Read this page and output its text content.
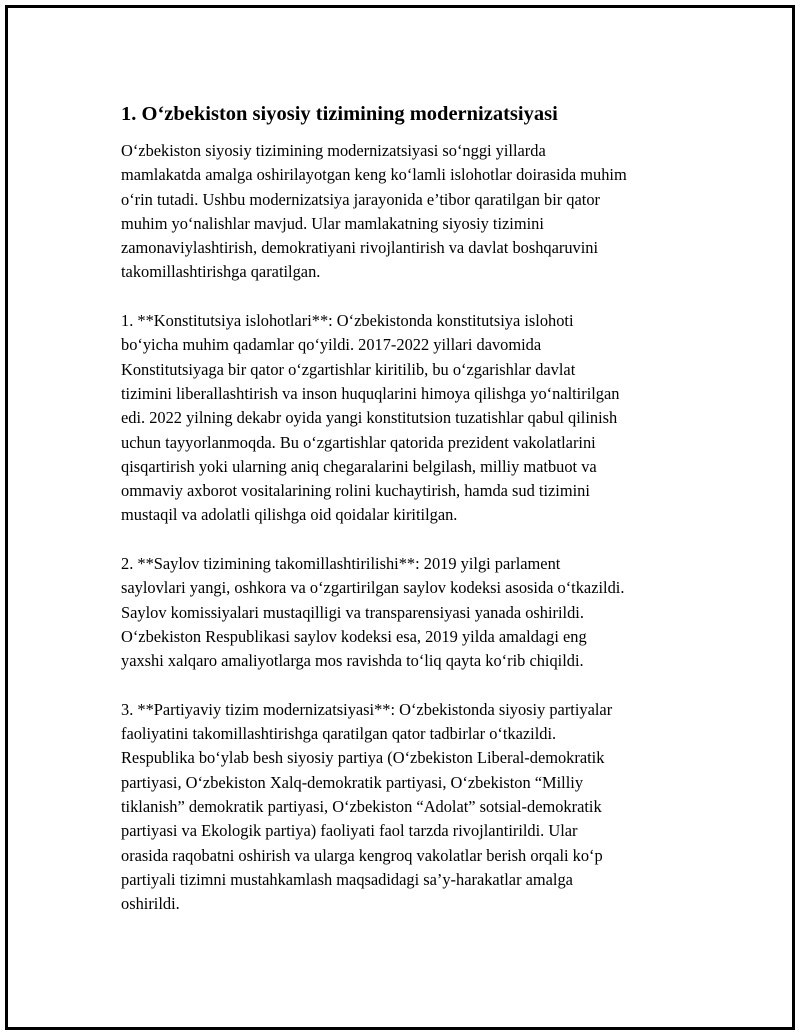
1. O‘zbekiston siyosiy tizimining modernizatsiyasi

O‘zbekiston siyosiy tizimining modernizatsiyasi so‘nggi yillarda
mamlakatda amalga oshirilayotgan keng ko‘lamli islohotlar doirasida muhim
o‘rin tutadi. Ushbu modernizatsiya jarayonida e’tibor qaratilgan bir qator
muhim yo‘nalishlar mavjud. Ular mamlakatning siyosiy tizimini
zamonaviylashtirish, demokratiyani rivojlantirish va davlat boshqaruvini
takomillashtirishga qaratilgan.

1. **Konstitutsiya islohotlari**: O‘zbekistonda konstitutsiya islohoti
bo‘yicha muhim qadamlar qo‘yildi. 2017-2022 yillari davomida
Konstitutsiyaga bir qator o‘zgartishlar kiritilib, bu o‘zgarishlar davlat
tizimini liberallashtirish va inson huquqlarini himoya qilishga yo‘naltirilgan
edi. 2022 yilning dekabr oyida yangi konstitutsion tuzatishlar qabul qilinish
uchun tayyorlanmoqda. Bu o‘zgartishlar qatorida prezident vakolatlarini
qisqartirish yoki ularning aniq chegaralarini belgilash, milliy matbuot va
ommaviy axborot vositalarining rolini kuchaytirish, hamda sud tizimini
mustaqil va adolatli qilishga oid qoidalar kiritilgan.

2. **Saylov tizimining takomillashtirilishi**: 2019 yilgi parlament
saylovlari yangi, oshkora va o‘zgartirilgan saylov kodeksi asosida o‘tkazildi.
Saylov komissiyalari mustaqilligi va transparensiyasi yanada oshirildi.
O‘zbekiston Respublikasi saylov kodeksi esa, 2019 yilda amaldagi eng
yaxshi xalqaro amaliyotlarga mos ravishda to‘liq qayta ko‘rib chiqildi.

3. **Partiyaviy tizim modernizatsiyasi**: O‘zbekistonda siyosiy partiyalar
faoliyatini takomillashtirishga qaratilgan qator tadbirlar o‘tkazildi.
Respublika bo‘ylab besh siyosiy partiya (O‘zbekiston Liberal-demokratik
partiyasi, O‘zbekiston Xalq-demokratik partiyasi, O‘zbekiston “Milliy
tiklanish” demokratik partiyasi, O‘zbekiston “Adolat” sotsial-demokratik
partiyasi va Ekologik partiya) faoliyati faol tarzda rivojlantirildi. Ular
orasida raqobatni oshirish va ularga kengroq vakolatlar berish orqali ko‘p
partiyali tizimni mustahkamlash maqsadidagi sa’y-harakatlar amalga
oshirildi.
